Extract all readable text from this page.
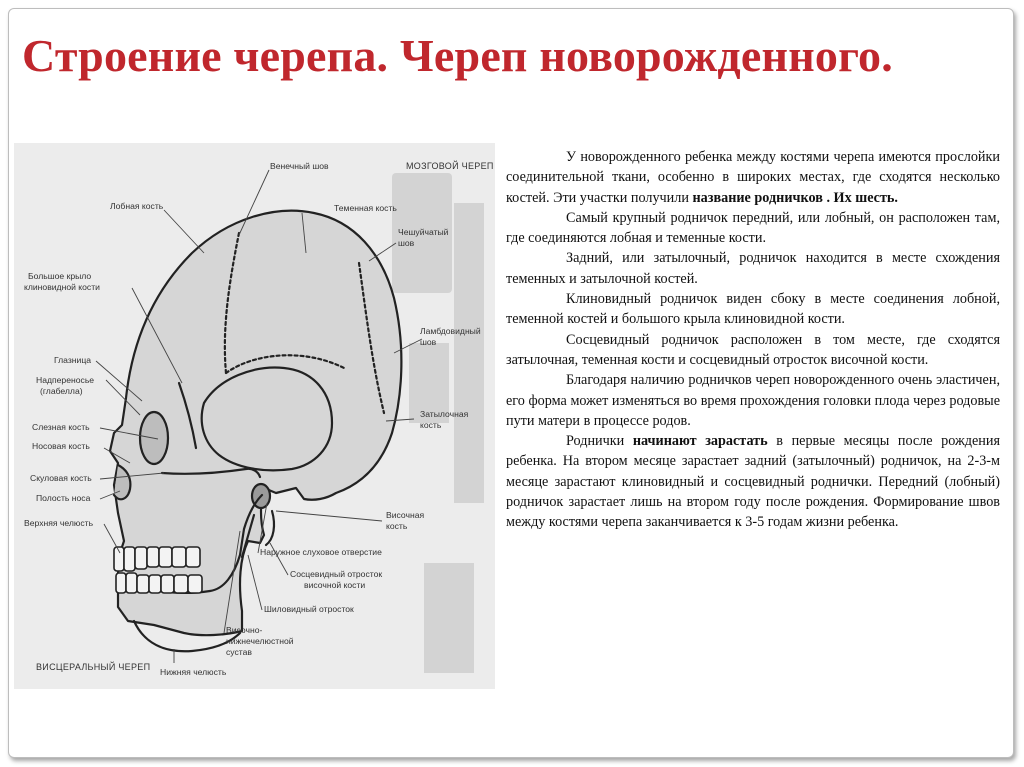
Строение черепа. Череп новорожденного.
Венечный шов	МОЗГОВОЙ ЧЕРЕП
Лобная кость	Теменная кость
Чешуйчатый
шов
Большое крыло
клиновидной кости
Ламбдовидный
шов
Глазница
Надпереносье
(глабелла)
Слезная кость
Носовая кость
Затылочная
кость
Скуловая кость
Полость носа
Верхняя челюсть
Височная
кость
Наружное слуховое отверстие
Сосцевидный отросток
височной кости
Шиловидный отросток
Височно-
нижнечелюстной
сустав
ВИСЦЕРАЛЬНЫЙ ЧЕРЕП Нижняя челюсть

У новорожденного ребенка между костями черепа имеются прослойки соединительной ткани, особенно в широких местах, где сходятся несколько костей. Эти участки получили название родничков . Их шесть.

Самый крупный родничок передний, или лобный, он расположен там, где соединяются лобная и теменные кости.

Задний, или затылочный, родничок находится в месте схождения теменных и затылочной костей.

Клиновидный родничок виден сбоку в месте соединения лобной, теменной костей и большого крыла клиновидной кости.

Сосцевидный родничок расположен в том месте, где сходятся затылочная, теменная кости и сосцевидный отросток височной кости.

Благодаря наличию родничков череп новорожденного очень эластичен, его форма может изменяться во время прохождения головки плода через родовые пути матери в процессе родов.

Роднички начинают зарастать в первые месяцы после рождения ребенка. На втором месяце зарастает задний (затылочный) родничок, на 2-3-м месяце зарастают клиновидный и сосцевидный роднички. Передний (лобный) родничок зарастает лишь на втором году после рождения. Формирование швов между костями черепа заканчивается к 3-5 годам жизни ребенка.
